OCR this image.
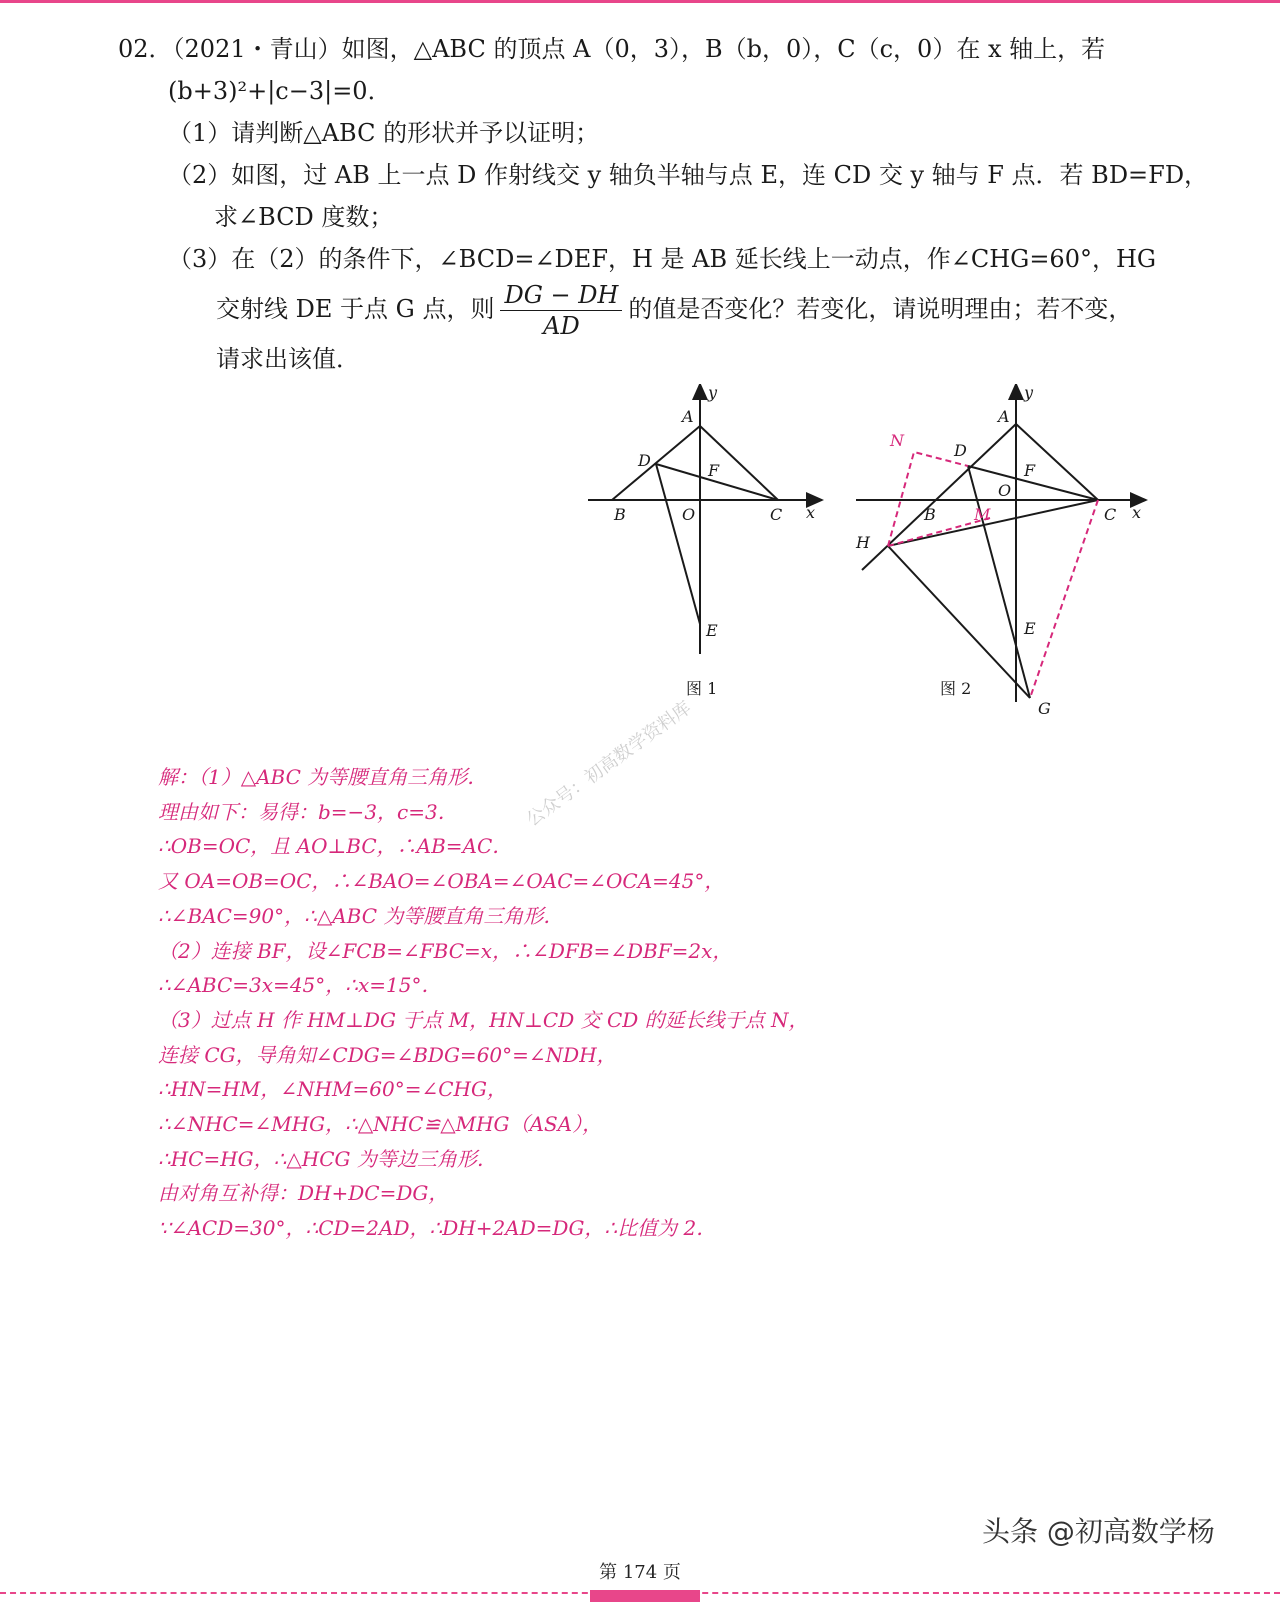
02．（2021・青山）如图，△ABC 的顶点 A（0，3），B（b，0），C（c，0）在 x 轴上，若
(b+3)²+|c−3|=0．
（1）请判断△ABC 的形状并予以证明；
（2）如图，过 AB 上一点 D 作射线交 y 轴负半轴与点 E，连 CD 交 y 轴与 F 点．若 BD=FD，
求∠BCD 度数；
（3）在（2）的条件下，∠BCD=∠DEF，H 是 AB 延长线上一动点，作∠CHG=60°，HG
交射线 DE 于点 G 点，则 $\frac{DG - DH}{AD}$ 的值是否变化？若变化，请说明理由；若不变，
请求出该值．
y
A
D
F
B	O	C x
E
图 1
y
A
N
D
F
O
B M	C x
H
E
图 2
G
公众号：初高数学资料库
解：（1）△ABC 为等腰直角三角形．
理由如下：易得：b=−3，c=3．
∴OB=OC，且 AO⊥BC，∴AB=AC．
又 OA=OB=OC，∴∠BAO=∠OBA=∠OAC=∠OCA=45°，
∴∠BAC=90°，∴△ABC 为等腰直角三角形．
（2）连接 BF，设∠FCB=∠FBC=x，∴∠DFB=∠DBF=2x，
∴∠ABC=3x=45°，∴x=15°．
（3）过点 H 作 HM⊥DG 于点 M，HN⊥CD 交 CD 的延长线于点 N，
连接 CG，导角知∠CDG=∠BDG=60°=∠NDH，
∴HN=HM，∠NHM=60°=∠CHG，
∴∠NHC=∠MHG，∴△NHC≌△MHG（ASA），
∴HC=HG，∴△HCG 为等边三角形．
由对角互补得：DH+DC=DG，
∵∠ACD=30°，∴CD=2AD，∴DH+2AD=DG，∴比值为 2．
头条 @初高数学杨
第 174 页
